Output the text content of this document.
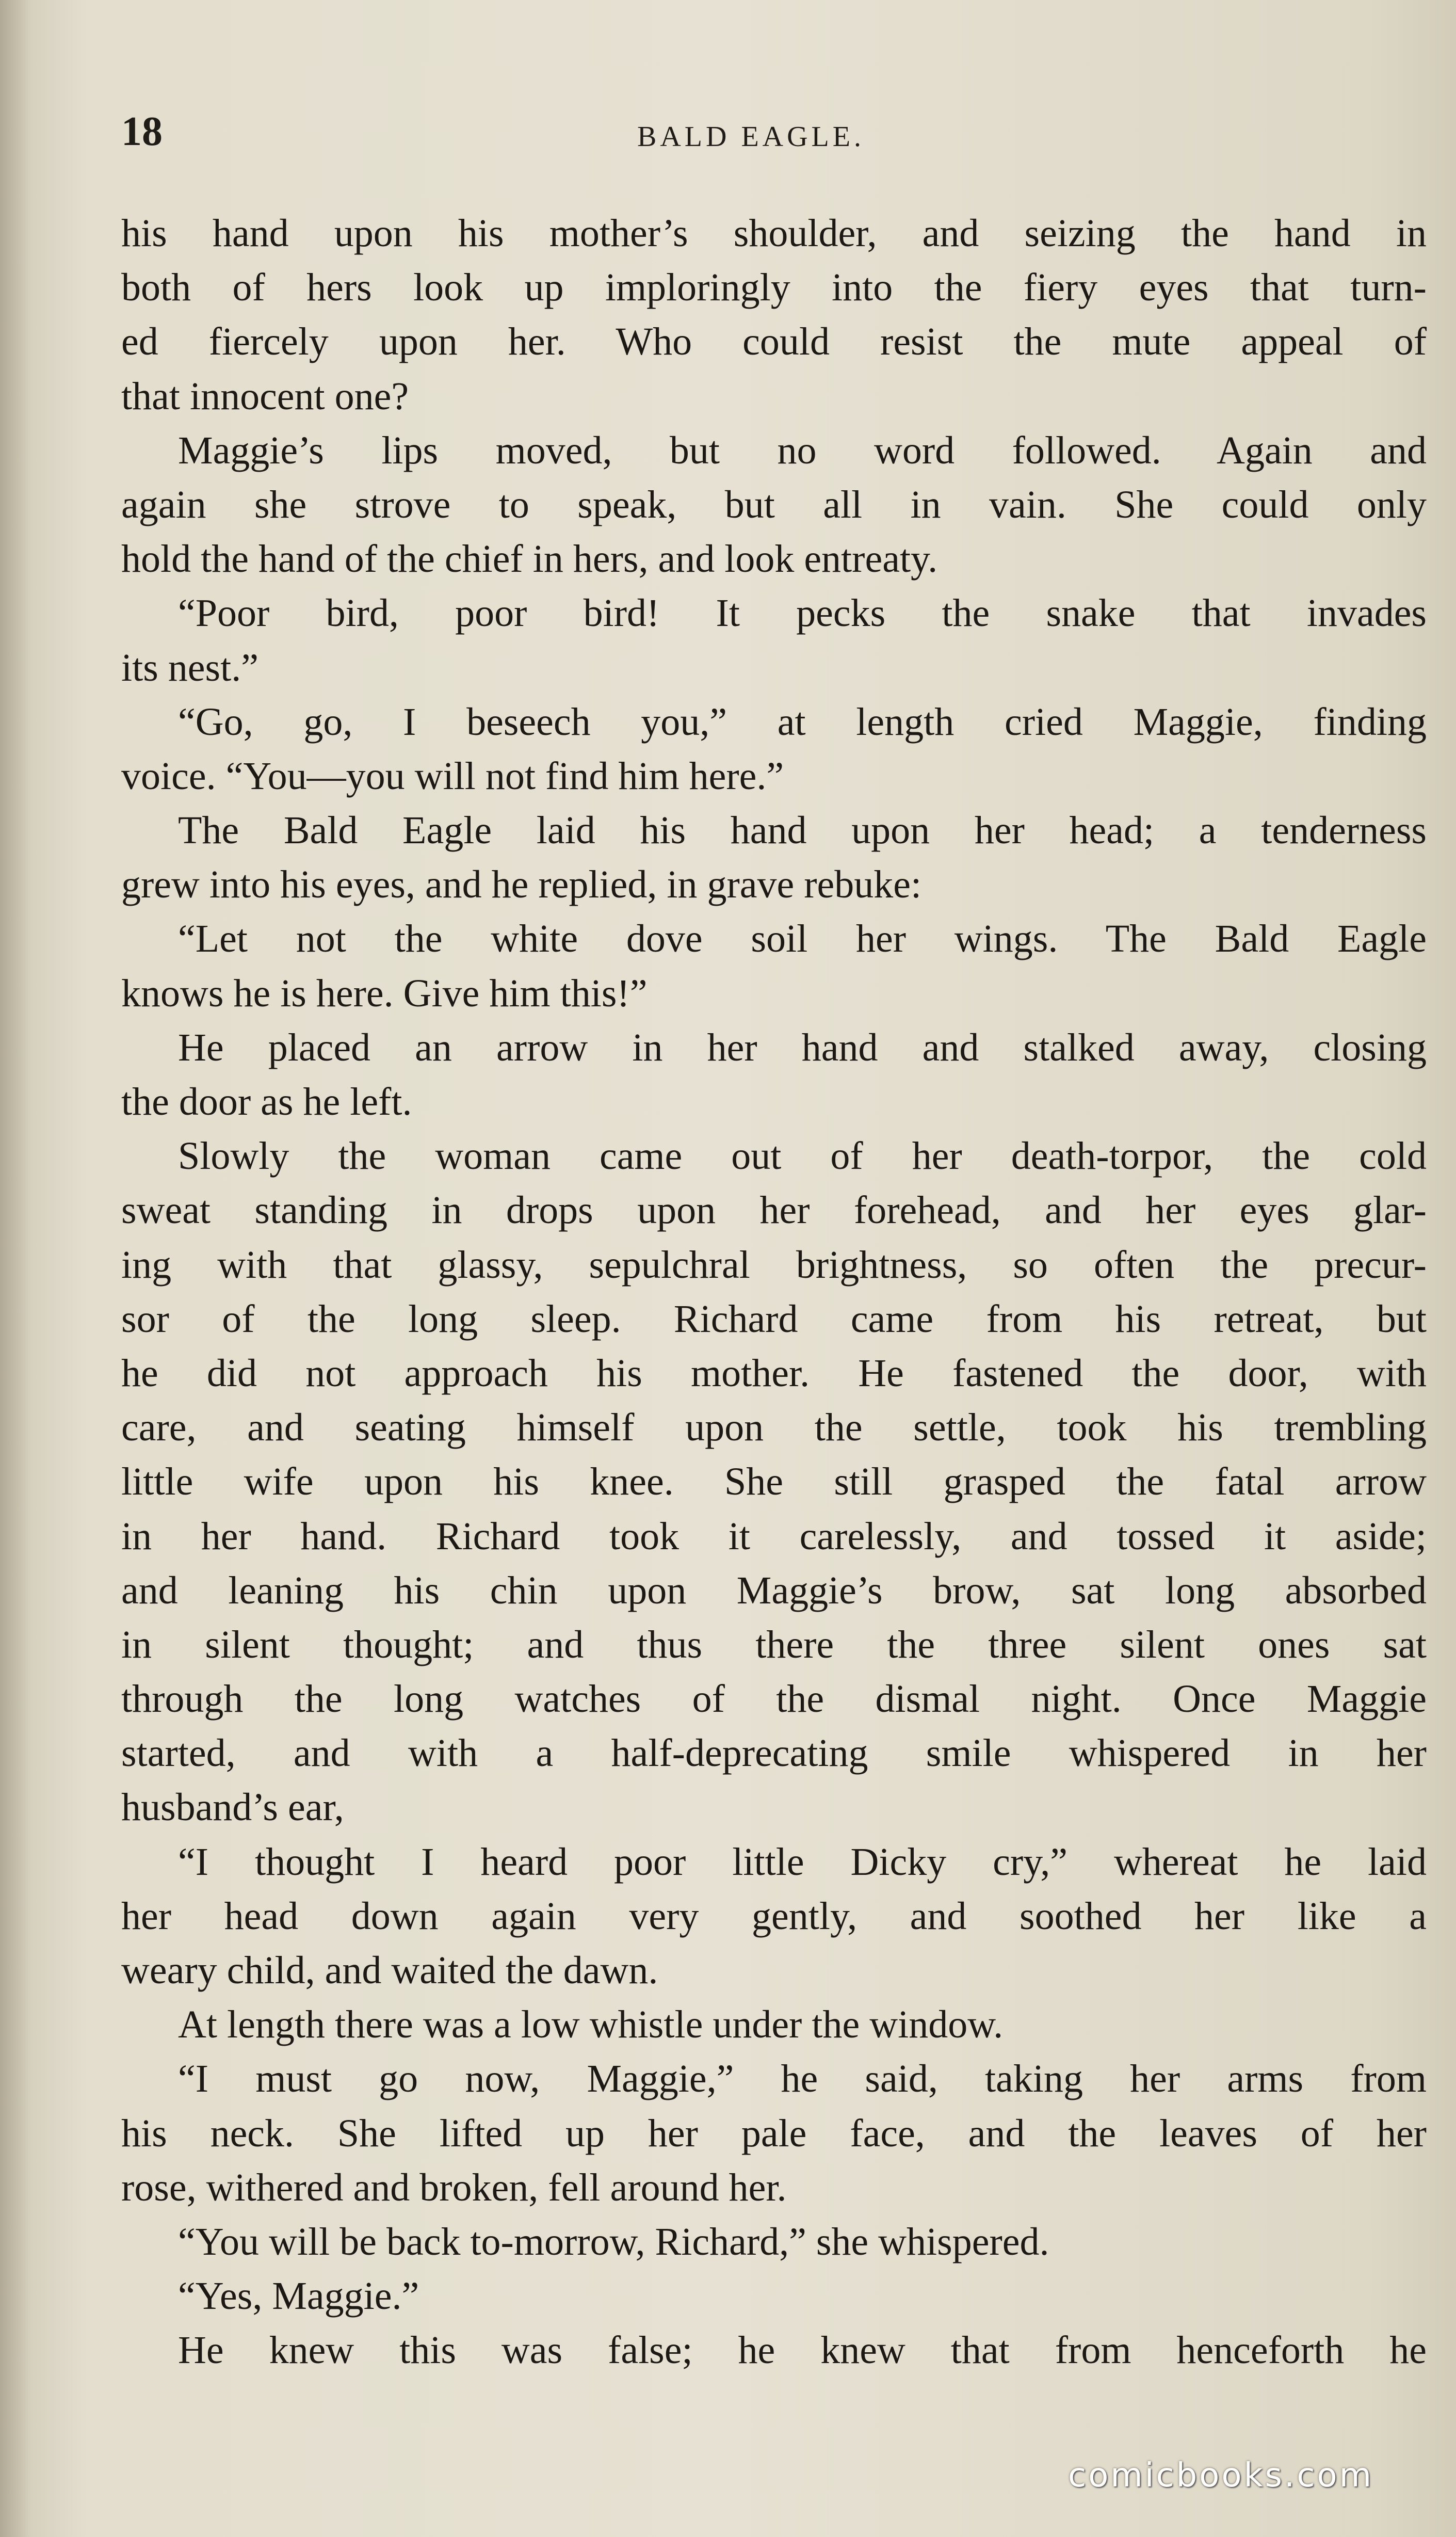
18	BALD EAGLE.
his hand upon his mother’s shoulder, and seizing the hand in
both of hers look up imploringly into the fiery eyes that turn-
ed fiercely upon her. Who could resist the mute appeal of
that innocent one?
Maggie’s lips moved, but no word followed. Again and
again she strove to speak, but all in vain. She could only
hold the hand of the chief in hers, and look entreaty.
“Poor bird, poor bird! It pecks the snake that invades
its nest.”
“Go, go, I beseech you,” at length cried Maggie, finding
voice. “You—you will not find him here.”
The Bald Eagle laid his hand upon her head; a tenderness
grew into his eyes, and he replied, in grave rebuke:
“Let not the white dove soil her wings. The Bald Eagle
knows he is here. Give him this!”
He placed an arrow in her hand and stalked away, closing
the door as he left.
Slowly the woman came out of her death-torpor, the cold
sweat standing in drops upon her forehead, and her eyes glar-
ing with that glassy, sepulchral brightness, so often the precur-
sor of the long sleep. Richard came from his retreat, but
he did not approach his mother. He fastened the door, with
care, and seating himself upon the settle, took his trembling
little wife upon his knee. She still grasped the fatal arrow
in her hand. Richard took it carelessly, and tossed it aside;
and leaning his chin upon Maggie’s brow, sat long absorbed
in silent thought; and thus there the three silent ones sat
through the long watches of the dismal night. Once Maggie
started, and with a half-deprecating smile whispered in her
husband’s ear,
“I thought I heard poor little Dicky cry,” whereat he laid
her head down again very gently, and soothed her like a
weary child, and waited the dawn.
At length there was a low whistle under the window.
“I must go now, Maggie,” he said, taking her arms from
his neck. She lifted up her pale face, and the leaves of her
rose, withered and broken, fell around her.
“You will be back to-morrow, Richard,” she whispered.
“Yes, Maggie.”
He knew this was false; he knew that from henceforth he
comicbooks.com
